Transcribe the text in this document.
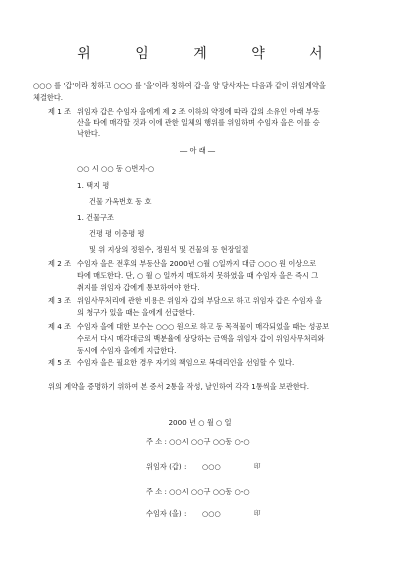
위 임 계 약 서
○○○ 를 '갑'이라 칭하고 ○○○ 를 '을'이라 칭하여 갑·을 양 당사자는 다음과 같이 위임계약을
체결한다.
제 1 조 위임자 갑은 수임자 을에게 제 2 조 이하의 약정에 따라 갑의 소유인 아래 부동
산을 타에 매각할 것과 이에 관한 일체의 행위를 위임하며 수임자 을은 이를 승
낙한다.
― 아 래 ―
○○ 시 ○○ 동 ○번지-○
1. 택지 평
건물 가옥번호 동 호
1. 건물구조
건평 평 이층평 평
및 위 지상의 정원수, 정원석 및 건물의 등 현장일절
제 2 조 수임자 을은 전후의 부동산을 2000년 ○월 ○일까지 대금 ○○○ 원 이상으로
타에 매도한다. 단, ○ 월 ○ 일까지 매도하지 못하였을 때 수임자 을은 즉시 그
취지를 위임자 갑에게 통보하여야 한다.
제 3 조 위임사무처리에 관한 비용은 위임자 갑의 부담으로 하고 위임자 갑은 수임자 을
의 청구가 있을 때는 을에게 선급한다.
제 4 조 수임자 을에 대한 보수는 ○○○ 원으로 하고 동 목적물이 매각되었을 때는 성공보
수로서 다시 매각대금의 백분율에 상당하는 금액을 위임자 갑이 위임사무처리와
동시에 수임자 을에게 지급한다.
제 5 조 수임자 을은 필요한 경우 자기의 책임으로 복대리인을 선임할 수 있다.
위의 계약을 증명하기 위하여 본 증서 2통을 작성, 날인하여 각각 1통씩을 보관한다.
2000 년 ○ 월 ○ 일
주 소 : ○○시 ○○구 ○○동 ○-○
위임자 (갑) : ○○○	印
주 소 : ○○시 ○○구 ○○동 ○-○
수임자 (을) : ○○○	印
